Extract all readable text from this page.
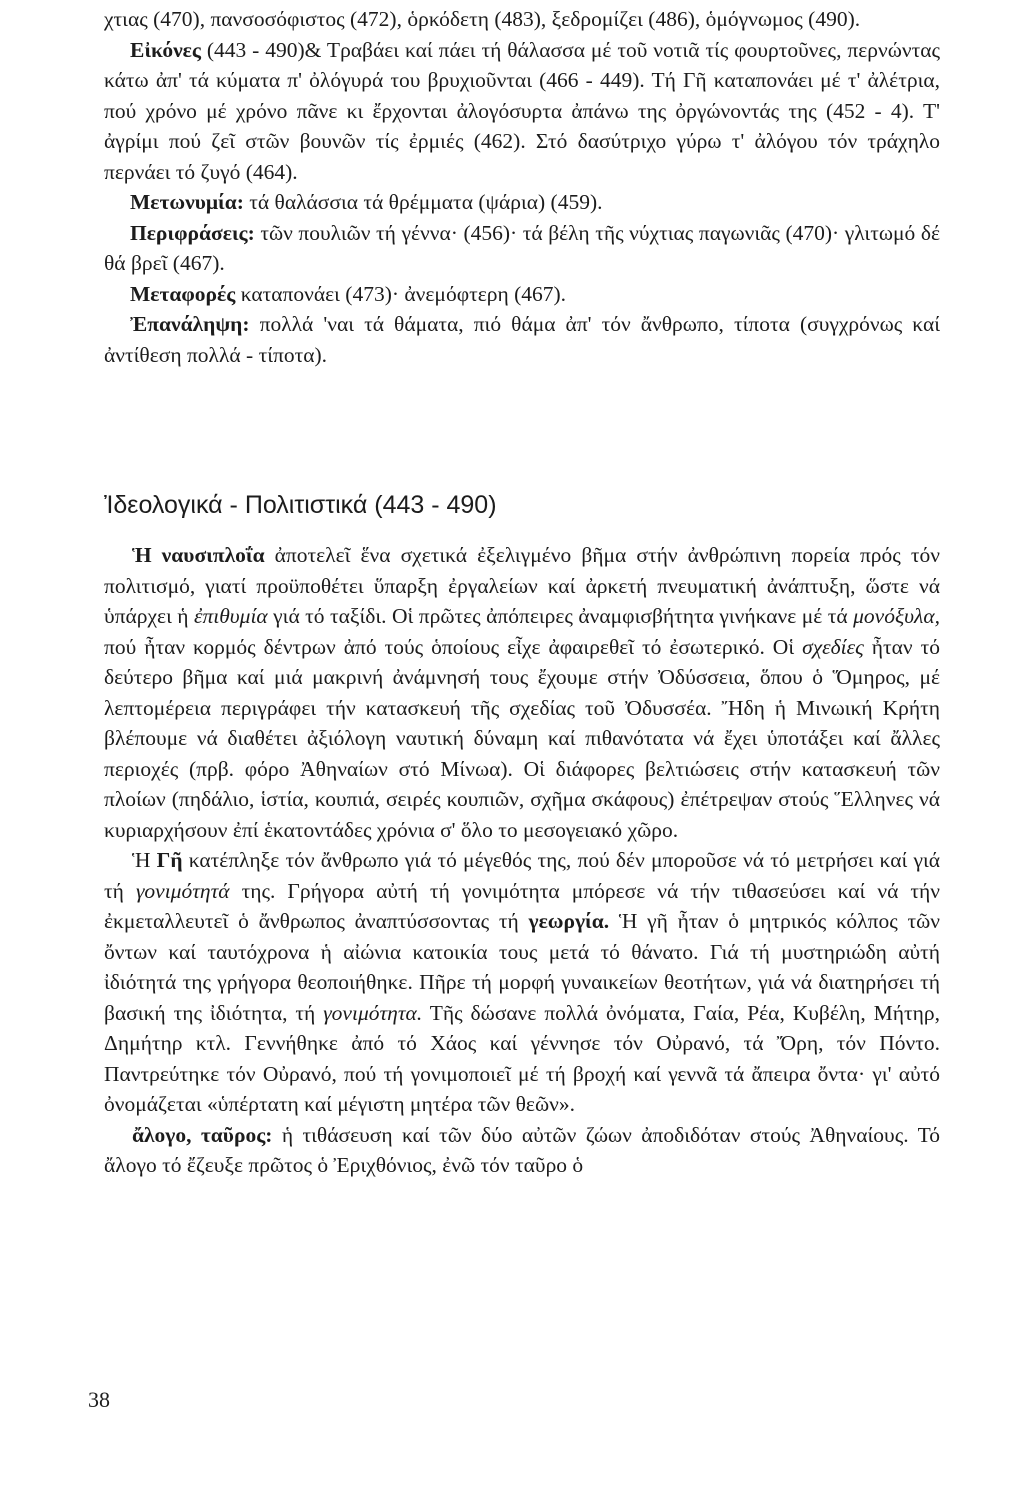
χτιας (470), πανσοσόφιστος (472), ὁρκόδετη (483), ξεδρομίζει (486), ὁμόγνωμος (490).

Εἰκόνες (443 - 490)& Τραβάει καί πάει τή θάλασσα μέ τοῦ νοτιᾶ τίς φουρτοῦνες, περνώντας κάτω ἀπ' τά κύματα π' ὀλόγυρά του βρυχιοῦνται (466 - 449). Τή Γῆ καταπονάει μέ τ' ἀλέτρια, πού χρόνο μέ χρόνο πᾶνε κι ἔρχονται ἀλογόσυρτα ἀπάνω της ὀργώνοντάς της (452 - 4). Τ' ἀγρίμι πού ζεῖ στῶν βουνῶν τίς ἐρμιές (462). Στό δασύτριχο γύρω τ' ἀλόγου τόν τράχηλο περνάει τό ζυγό (464).

Μετωνυμία: τά θαλάσσια τά θρέμματα (ψάρια) (459).

Περιφράσεις: τῶν πουλιῶν τή γέννα· (456)· τά βέλη τῆς νύχτιας παγωνιᾶς (470)· γλιτωμό δέ θά βρεῖ (467).

Μεταφορές καταπονάει (473)· ἀνεμόφτερη (467).

Ἐπανάληψη: πολλά 'ναι τά θάματα, πιό θάμα ἀπ' τόν ἄνθρωπο, τίποτα (συγχρόνως καί ἀντίθεση πολλά - τίποτα).

Ἰδεολογικά - Πολιτιστικά (443 - 490)

Ἡ ναυσιπλοΐα ἀποτελεῖ ἕνα σχετικά ἐξελιγμένο βῆμα στήν ἀνθρώπινη πορεία πρός τόν πολιτισμό, γιατί προϋποθέτει ὕπαρξη ἐργαλείων καί ἀρκετή πνευματική ἀνάπτυξη, ὥστε νά ὑπάρχει ἡ ἐπιθυμία γιά τό ταξίδι. Οἱ πρῶτες ἀπόπειρες ἀναμφισβήτητα γινήκανε μέ τά μονόξυλα, πού ἦταν κορμός δέντρων ἀπό τούς ὁποίους εἶχε ἀφαιρεθεῖ τό ἐσωτερικό. Οἱ σχεδίες ἦταν τό δεύτερο βῆμα καί μιά μακρινή ἀνάμνησή τους ἔχουμε στήν Ὀδύσσεια, ὅπου ὁ Ὅμηρος, μέ λεπτομέρεια περιγράφει τήν κατασκευή τῆς σχεδίας τοῦ Ὀδυσσέα. Ἤδη ἡ Μινωική Κρήτη βλέπουμε νά διαθέτει ἀξιόλογη ναυτική δύναμη καί πιθανότατα νά ἔχει ὑποτάξει καί ἄλλες περιοχές (πρβ. φόρο Ἀθηναίων στό Μίνωα). Οἱ διάφορες βελτιώσεις στήν κατασκευή τῶν πλοίων (πηδάλιο, ἱστία, κουπιά, σειρές κουπιῶν, σχῆμα σκάφους) ἐπέτρεψαν στούς Ἕλληνες νά κυριαρχήσουν ἐπί ἑκατοντάδες χρόνια σ' ὅλο το μεσογειακό χῶρο.

Ἡ Γῆ κατέπληξε τόν ἄνθρωπο γιά τό μέγεθός της, πού δέν μποροῦσε νά τό μετρήσει καί γιά τή γονιμότητά της. Γρήγορα αὐτή τή γονιμότητα μπόρεσε νά τήν τιθασεύσει καί νά τήν ἐκμεταλλευτεῖ ὁ ἄνθρωπος ἀναπτύσσοντας τή γεωργία. Ἡ γῆ ἦταν ὁ μητρικός κόλπος τῶν ὄντων καί ταυτόχρονα ἡ αἰώνια κατοικία τους μετά τό θάνατο. Γιά τή μυστηριώδη αὐτή ἰδιότητά της γρήγορα θεοποιήθηκε. Πῆρε τή μορφή γυναικείων θεοτήτων, γιά νά διατηρήσει τή βασική της ἰδιότητα, τή γονιμότητα. Τῆς δώσανε πολλά ὀνόματα, Γαία, Ρέα, Κυβέλη, Μήτηρ, Δημήτηρ κτλ. Γεννήθηκε ἀπό τό Χάος καί γέννησε τόν Οὐρανό, τά Ὄρη, τόν Πόντο. Παντρεύτηκε τόν Οὐρανό, πού τή γονιμοποιεῖ μέ τή βροχή καί γεννᾶ τά ἄπειρα ὄντα· γι' αὐτό ὀνομάζεται «ὑπέρτατη καί μέγιστη μητέρα τῶν θεῶν».

ἄλογο, ταῦρος: ἡ τιθάσευση καί τῶν δύο αὐτῶν ζώων ἀποδιδόταν στούς Ἀθηναίους. Τό ἄλογο τό ἔζευξε πρῶτος ὁ Ἐριχθόνιος, ἐνῶ τόν ταῦρο ὁ

38
